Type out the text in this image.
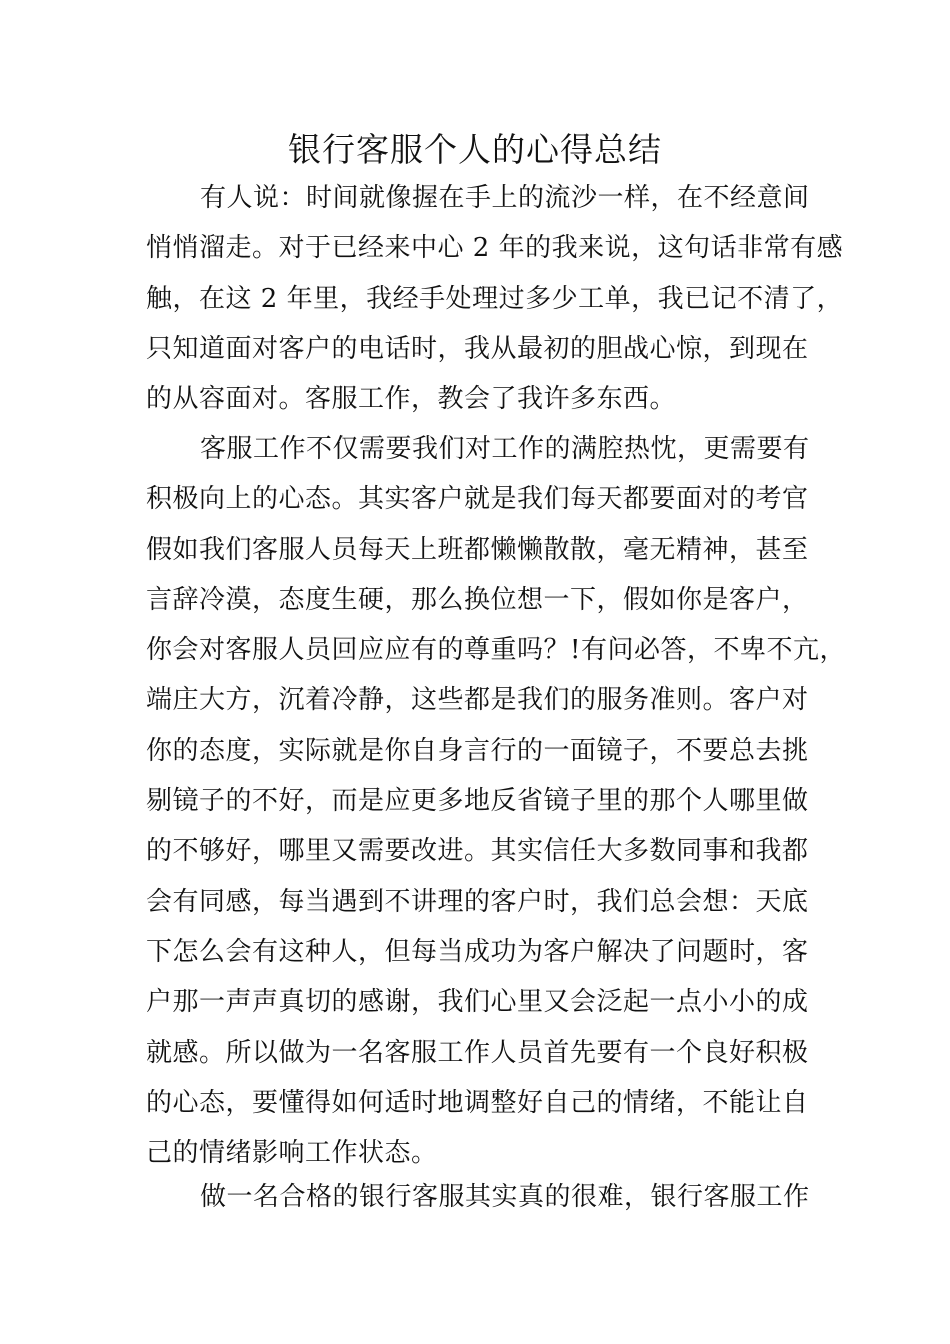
银行客服个人的心得总结
有人说：时间就像握在手上的流沙一样，在不经意间
悄悄溜走。对于已经来中心 2 年的我来说，这句话非常有感
触，在这 2 年里，我经手处理过多少工单，我已记不清了，
只知道面对客户的电话时，我从最初的胆战心惊，到现在
的从容面对。客服工作，教会了我许多东西。
客服工作不仅需要我们对工作的满腔热忱，更需要有
积极向上的心态。其实客户就是我们每天都要面对的考官
假如我们客服人员每天上班都懒懒散散，毫无精神，甚至
言辞冷漠，态度生硬，那么换位想一下，假如你是客户，
你会对客服人员回应应有的尊重吗？!有问必答，不卑不亢，
端庄大方，沉着冷静，这些都是我们的服务准则。客户对
你的态度，实际就是你自身言行的一面镜子，不要总去挑
剔镜子的不好，而是应更多地反省镜子里的那个人哪里做
的不够好，哪里又需要改进。其实信任大多数同事和我都
会有同感，每当遇到不讲理的客户时，我们总会想：天底
下怎么会有这种人，但每当成功为客户解决了问题时，客
户那一声声真切的感谢，我们心里又会泛起一点小小的成
就感。所以做为一名客服工作人员首先要有一个良好积极
的心态，要懂得如何适时地调整好自己的情绪，不能让自
己的情绪影响工作状态。
做一名合格的银行客服其实真的很难，银行客服工作
